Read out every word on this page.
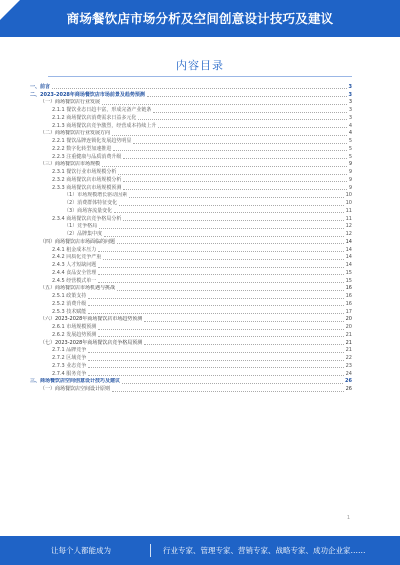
商场餐饮店市场分析及空间创意设计技巧及建议
内容目录
一、前言	3
二、2023-2028年商场餐饮店市场前景及趋势预测	3
（一）商场餐饮店行业发展	3
2.1.1 餐饮业态日趋丰富，形成完备产业链条	3
2.1.2 商场餐饮店消费需求日益多元化	3
2.1.3 商场餐饮店竞争激烈，经营成本持续上升	4
（二）商场餐饮店行业发展方向	4
2.2.1 餐饮品牌连锁化发展趋势明显	5
2.2.2 数字化转型加速推进	5
2.2.3 注重健康与品质消费升级	5
（三）商场餐饮店市场规模	9
2.3.1 餐饮行业市场规模分析	9
2.3.2 商场餐饮店市场规模分析	9
2.3.3 商场餐饮店市场规模预测	9
（1）市场规模增长驱动因素	10
（2）消费群体特征变化	10
（3）商场客流量变化	11
2.3.4 商场餐饮店竞争格局分析	11
（1）竞争格局	12
（2）品牌集中度	12
（四）商场餐饮店市场面临的问题	14
2.4.1 租金成本压力	14
2.4.2 同质化竞争严重	14
2.4.3 人才短缺问题	14
2.4.4 食品安全管理	15
2.4.5 经营模式单一	15
（五）商场餐饮店市场机遇与挑战	16
2.5.1 政策支持	16
2.5.2 消费升级	16
2.5.3 技术赋能	17
（六）2023-2028年商场餐饮店市场趋势预测	20
2.6.1 市场规模预测	20
2.6.2 发展趋势预测	21
（七）2023-2028年商场餐饮店竞争格局预测	21
2.7.1 品牌竞争	21
2.7.2 区域竞争	22
2.7.3 业态竞争	23
2.7.4 服务竞争	24
三、商场餐饮店空间创意设计技巧及建议	26
（一）商场餐饮店空间设计原则	26
1
让每个人都能成为	行业专家、管理专家、营销专家、战略专家、成功企业家……
